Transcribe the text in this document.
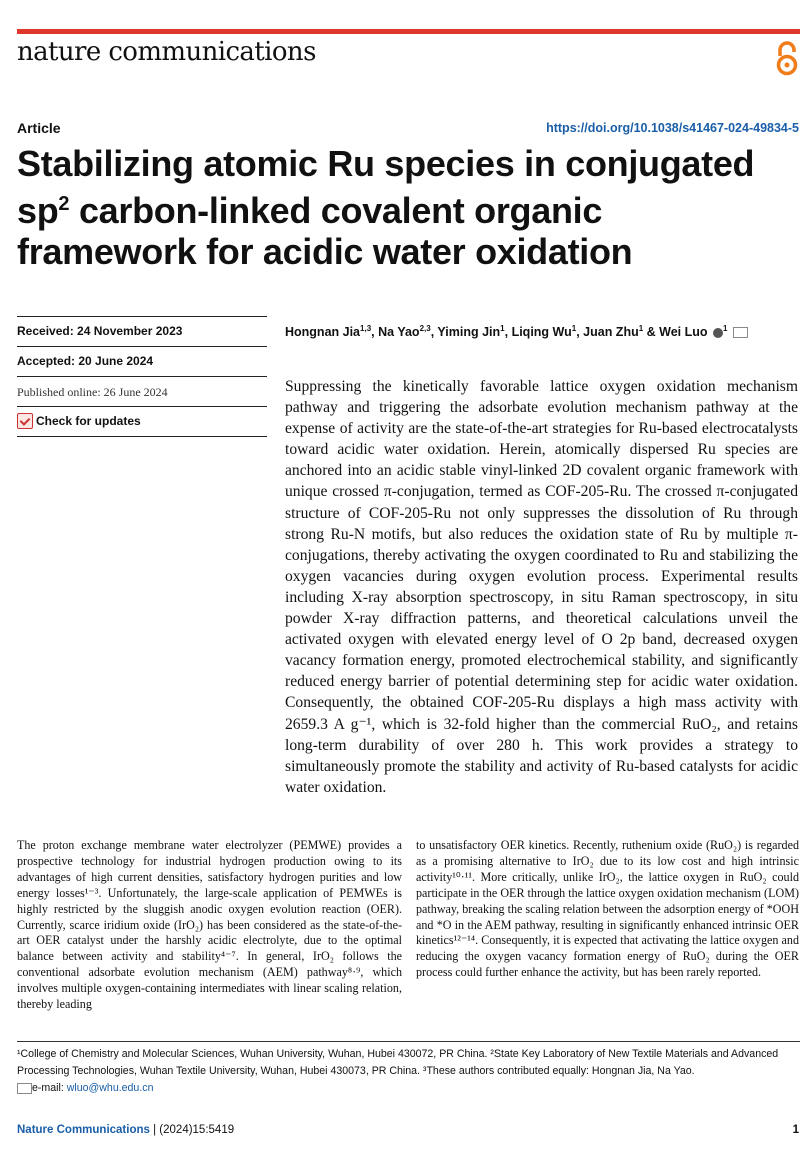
nature communications
Article	https://doi.org/10.1038/s41467-024-49834-5
Stabilizing atomic Ru species in conjugated
$sp^2$ carbon-linked covalent organic
framework for acidic water oxidation
Received: 24 November 2023
Accepted: 20 June 2024
Published online: 26 June 2024
Check for updates
Hongnan Jia$^{1,3}$, Na Yao$^{2,3}$, Yiming Jin$^1$, Liqing Wu$^1$, Juan Zhu$^1$ & Wei Luo $^1$
Suppressing the kinetically favorable lattice oxygen oxidation mechanism pathway and triggering the adsorbate evolution mechanism pathway at the expense of activity are the state-of-the-art strategies for Ru-based electrocatalysts toward acidic water oxidation. Herein, atomically dispersed Ru species are anchored into an acidic stable vinyl-linked 2D covalent organic framework with unique crossed π-conjugation, termed as COF-205-Ru. The crossed π-conjugated structure of COF-205-Ru not only suppresses the dissolution of Ru through strong Ru-N motifs, but also reduces the oxidation state of Ru by multiple π-conjugations, thereby activating the oxygen coordinated to Ru and stabilizing the oxygen vacancies during oxygen evolution process. Experimental results including X-ray absorption spectroscopy, in situ Raman spectroscopy, in situ powder X-ray diffraction patterns, and theoretical calculations unveil the activated oxygen with elevated energy level of O 2p band, decreased oxygen vacancy formation energy, promoted electrochemical stability, and significantly reduced energy barrier of potential determining step for acidic water oxidation. Consequently, the obtained COF-205-Ru displays a high mass activity with 2659.3 A g⁻¹, which is 32-fold higher than the commercial RuO₂, and retains long-term durability of over 280 h. This work provides a strategy to simultaneously promote the stability and activity of Ru-based catalysts for acidic water oxidation.
The proton exchange membrane water electrolyzer (PEMWE) provides a prospective technology for industrial hydrogen production owing to its advantages of high current densities, satisfactory hydrogen purities and low energy losses¹⁻³. Unfortunately, the large-scale application of PEMWEs is highly restricted by the sluggish anodic oxygen evolution reaction (OER). Currently, scarce iridium oxide (IrO₂) has been considered as the state-of-the-art OER catalyst under the harshly acidic electrolyte, due to the optimal balance between activity and stability⁴⁻⁷. In general, IrO₂ follows the conventional adsorbate evolution mechanism (AEM) pathway⁸·⁹, which involves multiple oxygen-containing intermediates with linear scaling relation, thereby leading
to unsatisfactory OER kinetics. Recently, ruthenium oxide (RuO₂) is regarded as a promising alternative to IrO₂ due to its low cost and high intrinsic activity¹⁰·¹¹. More critically, unlike IrO₂, the lattice oxygen in RuO₂ could participate in the OER through the lattice oxygen oxidation mechanism (LOM) pathway, breaking the scaling relation between the adsorption energy of *OOH and *O in the AEM pathway, resulting in significantly enhanced intrinsic OER kinetics¹²⁻¹⁴. Consequently, it is expected that activating the lattice oxygen and reducing the oxygen vacancy formation energy of RuO₂ during the OER process could further enhance the activity, but has been rarely reported.
¹College of Chemistry and Molecular Sciences, Wuhan University, Wuhan, Hubei 430072, PR China. ²State Key Laboratory of New Textile Materials and Advanced Processing Technologies, Wuhan Textile University, Wuhan, Hubei 430073, PR China. ³These authors contributed equally: Hongnan Jia, Na Yao.
e-mail: wluo@whu.edu.cn
Nature Communications | (2024)15:5419	1
